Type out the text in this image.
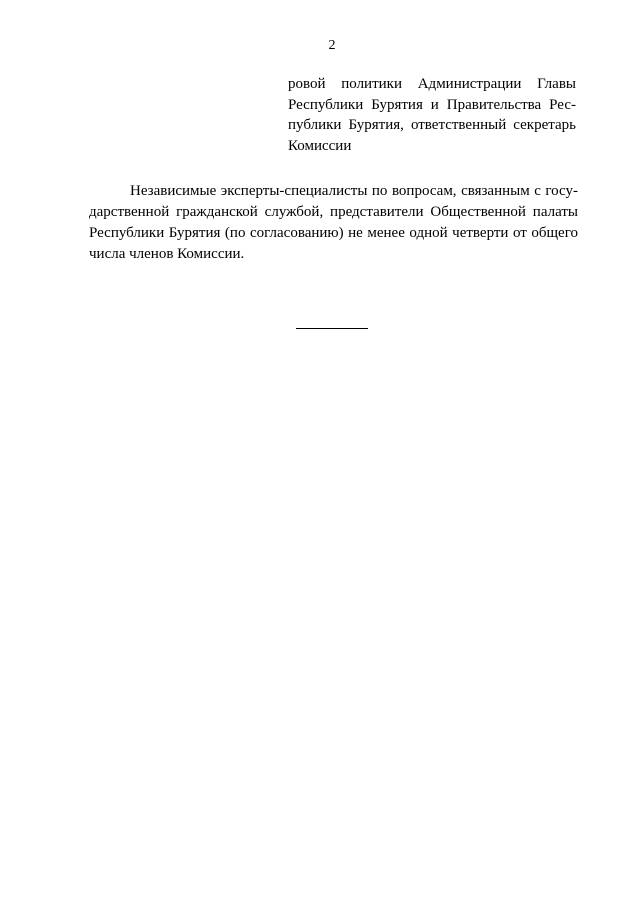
2
ровой политики Администрации Главы
Республики Бурятия и Правительства Рес-
публики Бурятия, ответственный секретарь
Комиссии
Независимые эксперты-специалисты по вопросам, связанным с госу-
дарственной гражданской службой, представители Общественной палаты
Республики Бурятия (по согласованию) не менее одной четверти от общего
числа членов Комиссии.
